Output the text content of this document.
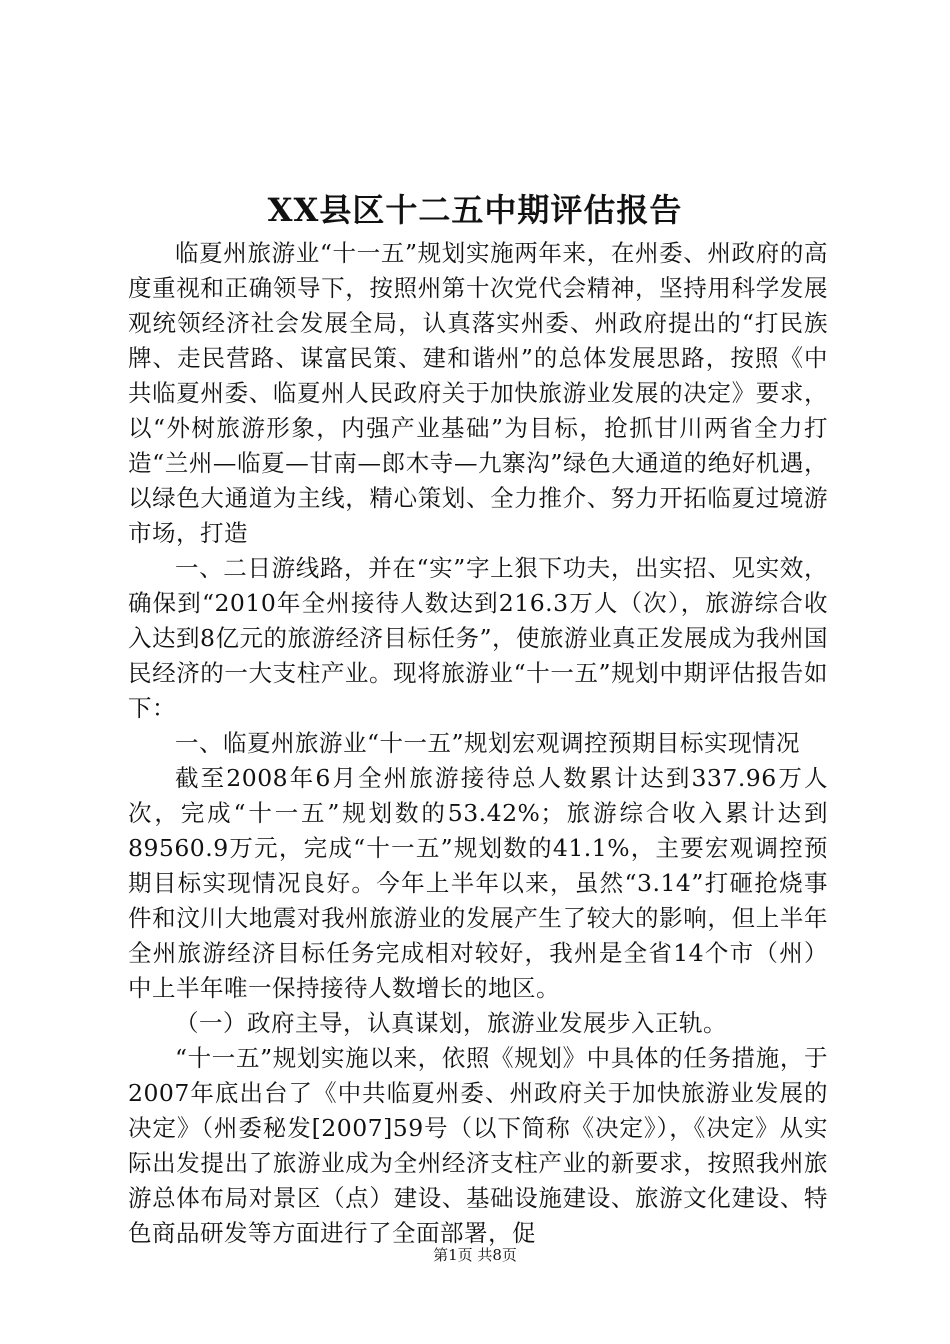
XX县区十二五中期评估报告

临夏州旅游业“十一五”规划实施两年来，在州委、州政府的高度重视和正确领导下，按照州第十次党代会精神，坚持用科学发展观统领经济社会发展全局，认真落实州委、州政府提出的“打民族牌、走民营路、谋富民策、建和谐州”的总体发展思路，按照《中共临夏州委、临夏州人民政府关于加快旅游业发展的决定》要求，以“外树旅游形象，内强产业基础”为目标，抢抓甘川两省全力打造“兰州—临夏—甘南—郎木寺—九寨沟”绿色大通道的绝好机遇，以绿色大通道为主线，精心策划、全力推介、努力开拓临夏过境游市场，打造

一、二日游线路，并在“实”字上狠下功夫，出实招、见实效，确保到“2010年全州接待人数达到216.3万人（次），旅游综合收入达到8亿元的旅游经济目标任务”，使旅游业真正发展成为我州国民经济的一大支柱产业。现将旅游业“十一五”规划中期评估报告如下：

一、临夏州旅游业“十一五”规划宏观调控预期目标实现情况

截至2008年6月全州旅游接待总人数累计达到337.96万人次，完成“十一五”规划数的53.42%；旅游综合收入累计达到89560.9万元，完成“十一五”规划数的41.1%，主要宏观调控预期目标实现情况良好。今年上半年以来，虽然“3.14”打砸抢烧事件和汶川大地震对我州旅游业的发展产生了较大的影响，但上半年全州旅游经济目标任务完成相对较好，我州是全省14个市（州）中上半年唯一保持接待人数增长的地区。

（一）政府主导，认真谋划，旅游业发展步入正轨。

“十一五”规划实施以来，依照《规划》中具体的任务措施，于2007年底出台了《中共临夏州委、州政府关于加快旅游业发展的决定》（州委秘发[2007]59号（以下简称《决定》），《决定》从实际出发提出了旅游业成为全州经济支柱产业的新要求，按照我州旅游总体布局对景区（点）建设、基础设施建设、旅游文化建设、特色商品研发等方面进行了全面部署，促

第1页 共8页
